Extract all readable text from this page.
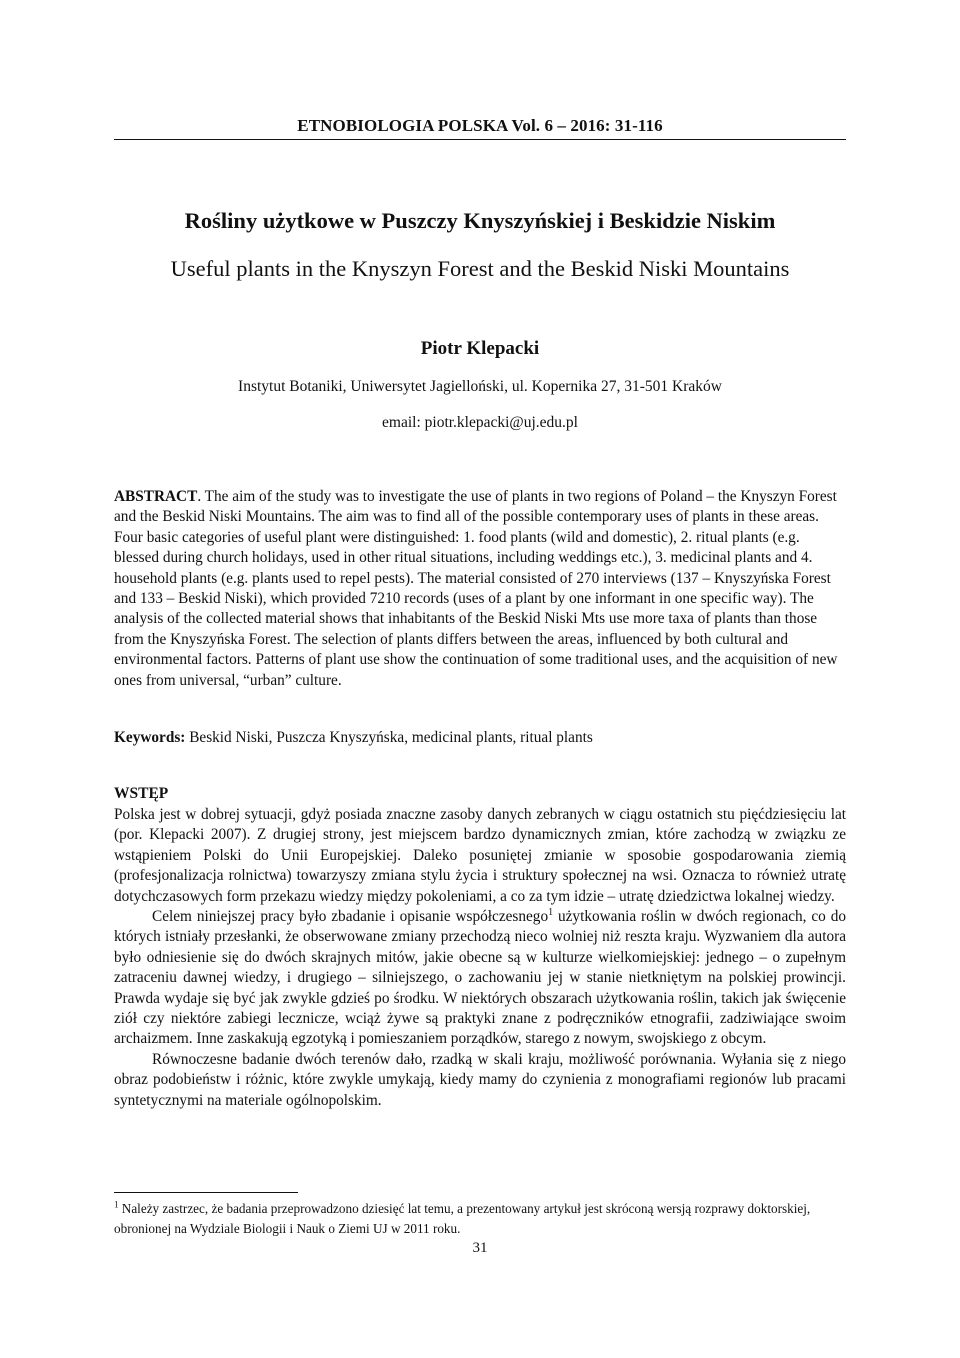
ETNOBIOLOGIA POLSKA Vol. 6 – 2016: 31-116
Rośliny użytkowe w Puszczy Knyszyńskiej i Beskidzie Niskim
Useful plants in the Knyszyn Forest and the Beskid Niski Mountains
Piotr Klepacki
Instytut Botaniki, Uniwersytet Jagielloński, ul. Kopernika 27, 31-501 Kraków
email: piotr.klepacki@uj.edu.pl
ABSTRACT. The aim of the study was to investigate the use of plants in two regions of Poland – the Knyszyn Forest and the Beskid Niski Mountains. The aim was to find all of the possible contemporary uses of plants in these areas. Four basic categories of useful plant were distinguished: 1. food plants (wild and domestic), 2. ritual plants (e.g. blessed during church holidays, used in other ritual situations, including weddings etc.), 3. medicinal plants and 4. household plants (e.g. plants used to repel pests). The material consisted of 270 interviews (137 – Knyszyńska Forest and 133 – Beskid Niski), which provided 7210 records (uses of a plant by one informant in one specific way). The analysis of the collected material shows that inhabitants of the Beskid Niski Mts use more taxa of plants than those from the Knyszyńska Forest. The selection of plants differs between the areas, influenced by both cultural and environmental factors. Patterns of plant use show the continuation of some traditional uses, and the acquisition of new ones from universal, “urban” culture.
Keywords: Beskid Niski, Puszcza Knyszyńska, medicinal plants, ritual plants
WSTĘP

Polska jest w dobrej sytuacji, gdyż posiada znaczne zasoby danych zebranych w ciągu ostatnich stu pięćdziesięciu lat (por. Klepacki 2007). Z drugiej strony, jest miejscem bardzo dynamicznych zmian, które zachodzą w związku ze wstąpieniem Polski do Unii Europejskiej. Daleko posuniętej zmianie w sposobie gospodarowania ziemią (profesjonalizacja rolnictwa) towarzyszy zmiana stylu życia i struktury społecznej na wsi. Oznacza to również utratę dotychczasowych form przekazu wiedzy między pokoleniami, a co za tym idzie – utratę dziedzictwa lokalnej wiedzy.

Celem niniejszej pracy było zbadanie i opisanie współczesnego$^1$ użytkowania roślin w dwóch regionach, co do których istniały przesłanki, że obserwowane zmiany przechodzą nieco wolniej niż reszta kraju. Wyzwaniem dla autora było odniesienie się do dwóch skrajnych mitów, jakie obecne są w kulturze wielkomiejskiej: jednego – o zupełnym zatraceniu dawnej wiedzy, i drugiego – silniejszego, o zachowaniu jej w stanie nietkniętym na polskiej prowincji. Prawda wydaje się być jak zwykle gdzieś po środku. W niektórych obszarach użytkowania roślin, takich jak święcenie ziół czy niektóre zabiegi lecznicze, wciąż żywe są praktyki znane z podręczników etnografii, zadziwiające swoim archaizmem. Inne zaskakują egzotyką i pomieszaniem porządków, starego z nowym, swojskiego z obcym.

Równoczesne badanie dwóch terenów dało, rzadką w skali kraju, możliwość porównania. Wyłania się z niego obraz podobieństw i różnic, które zwykle umykają, kiedy mamy do czynienia z monografiami regionów lub pracami syntetycznymi na materiale ogólnopolskim.

$^1$ Należy zastrzec, że badania przeprowadzono dziesięć lat temu, a prezentowany artykuł jest skróconą wersją rozprawy doktorskiej, obronionej na Wydziale Biologii i Nauk o Ziemi UJ w 2011 roku.
31
